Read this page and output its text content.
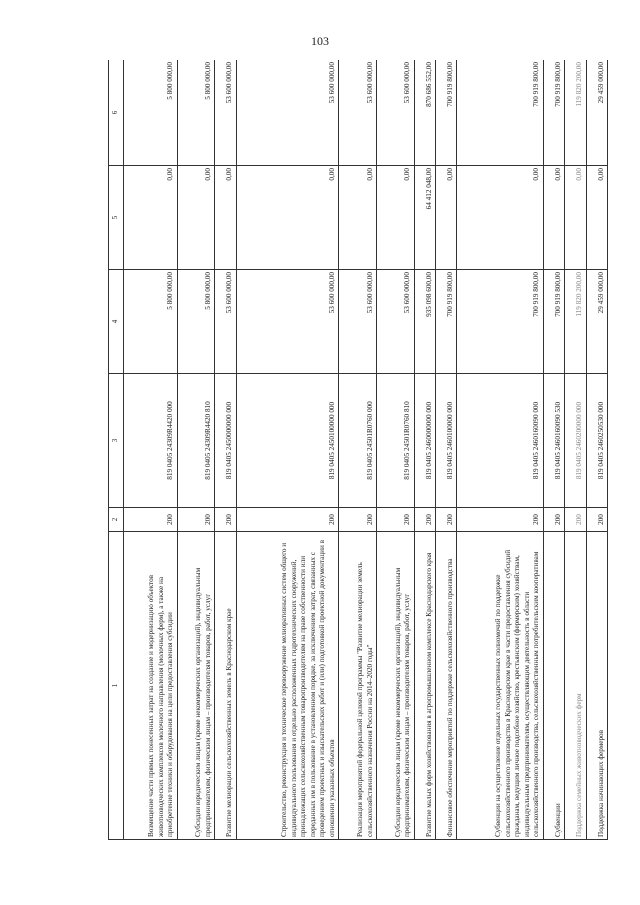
103
1	2	3	4	5	6
Возмещение части прямых понесенных затрат на создание и модернизацию объектов животноводческих комплексов молочного направления (молочных ферм), а также на приобретение техники и оборудования на цели предоставления субсидии	200	819 0405 24309R4420 000	5 800 000,00	0,00	5 800 000,00
Субсидии юридическим лицам (кроме некоммерческих организаций), индивидуальным предпринимателям, физическим лицам – производителям товаров, работ, услуг	200	819 0405 24309R4420 810	5 800 000,00	0,00	5 800 000,00
Развитие мелиорации сельскохозяйственных земель в Краснодарском крае	200	819 0405 2450000000 000	53 600 000,00	0,00	53 600 000,00
Строительство, реконструкция и техническое перевооружение мелиоративных систем общего и индивидуального пользования и отдельно расположенных гидротехнических сооружений, принадлежащих сельскохозяйственным товаропроизводителям на праве собственности или переданных им в пользование в установленном порядке, за исключением затрат, связанных с проведением проектных и изыскательских работ и (или) подготовкой проектной документации в отношении указанных объектов	200	819 0405 2450100000 000	53 600 000,00	0,00	53 600 000,00
Реализация мероприятий федеральной целевой программы "Развитие мелиорации земель сельскохозяйственного назначения России на 2014–2020 годы"	200	819 0405 24501R0760 000	53 600 000,00	0,00	53 600 000,00
Субсидии юридическим лицам (кроме некоммерческих организаций), индивидуальным предпринимателям, физическим лицам – производителям товаров, работ, услуг	200	819 0405 24501R0760 810	53 600 000,00	0,00	53 600 000,00
Развитие малых форм хозяйствования в агропромышленном комплексе Краснодарского края	200	819 0405 2460000000 000	935 098 600,00	64 412 048,00	870 686 552,00
Финансовое обеспечение мероприятий по поддержке сельскохозяйственного производства	200	819 0405 2460100000 000	700 919 800,00	0,00	700 919 800,00
Субвенции на осуществление отдельных государственных полномочий по поддержке сельскохозяйственного производства в Краснодарском крае в части предоставления субсидий гражданам, ведущим личное подсобное хозяйство, крестьянским (фермерским) хозяйствам, индивидуальным предпринимателям, осуществляющим деятельность в области сельскохозяйственного производства, сельскохозяйственным потребительским кооперативам	200	819 0405 2460160090 000	700 919 800,00	0,00	700 919 800,00
Субвенции	200	819 0405 2460160090 530	700 919 800,00	0,00	700 919 800,00
Поддержка семейных животноводческих ферм	200	819 0405 2460200000 000	119 820 200,00	0,00	119 820 200,00
Поддержка начинающих фермеров	200	819 0405 2460250530 000	29 459 000,00	0,00	29 459 000,00
